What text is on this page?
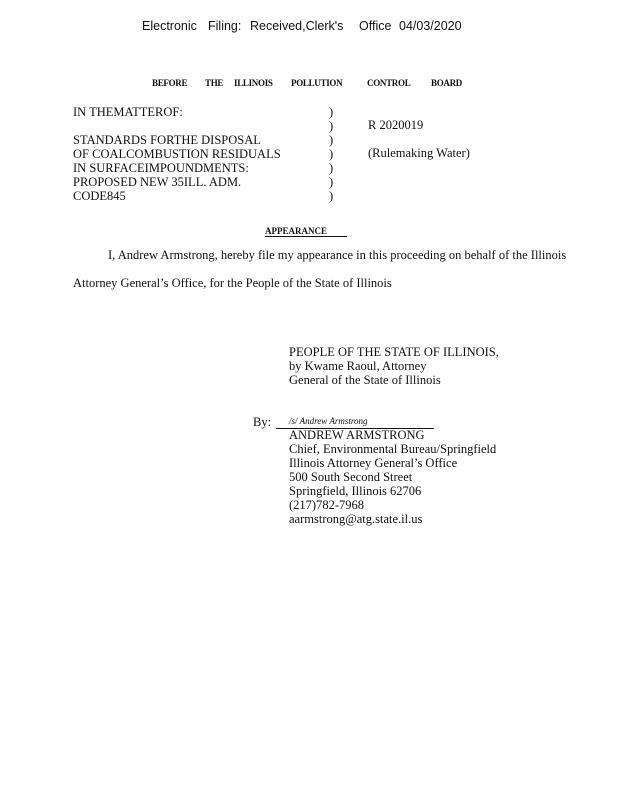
Electronic Filing: Received,Clerk's Office 04/03/2020
BEFORE THE ILLINOIS POLLUTION	CONTROL BOARD
IN THEMATTEROF:
STANDARDS FORTHE DISPOSAL
OF COALCOMBUSTION RESIDUALS
IN SURFACEIMPOUNDMENTS:
PROPOSED NEW 35ILL. ADM.
CODE845
)
)
)
)
)
)
)
R 2020019
(Rulemaking Water)
APPEARANCE
I, Andrew Armstrong, hereby file my appearance in this proceeding on behalf of the Illinois
Attorney General’s Office, for the People of the State of Illinois
PEOPLE OF THE STATE OF ILLINOIS,
by Kwame Raoul, Attorney
General of the State of Illinois
By: /s/ Andrew Armstrong
ANDREW ARMSTRONG
Chief, Environmental Bureau/Springfield
Illinois Attorney General’s Office
500 South Second Street
Springfield, Illinois 62706
(217)782-7968
aarmstrong@atg.state.il.us
